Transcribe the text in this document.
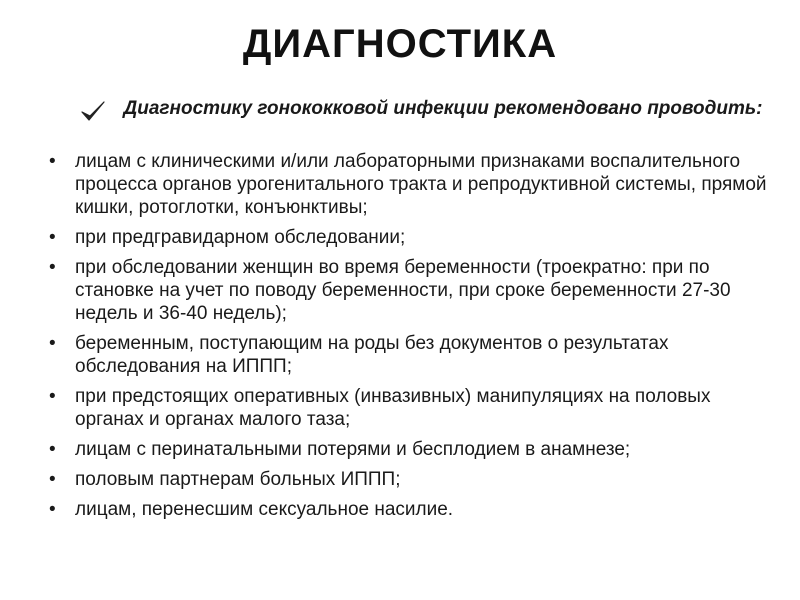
ДИАГНОСТИКА
Диагностику гонококковой инфекции рекомендовано проводить:
• лицам с клиническими и/или лабораторными признаками воспалительного процесса органов урогенитального тракта и репродуктивной системы, прямой кишки, ротоглотки, конъюнктивы;
• при предгравидарном обследовании;
• при обследовании женщин во время беременности (троекратно: при по становке на учет по поводу беременности, при сроке беременности 27-30 недель и 36-40 недель);
• беременным, поступающим на роды без документов о результатах обследования на ИППП;
• при предстоящих оперативных (инвазивных) манипуляциях на половых органах и органах малого таза;
• лицам с перинатальными потерями и бесплодием в анамнезе;
• половым партнерам больных ИППП;
• лицам, перенесшим сексуальное насилие.
